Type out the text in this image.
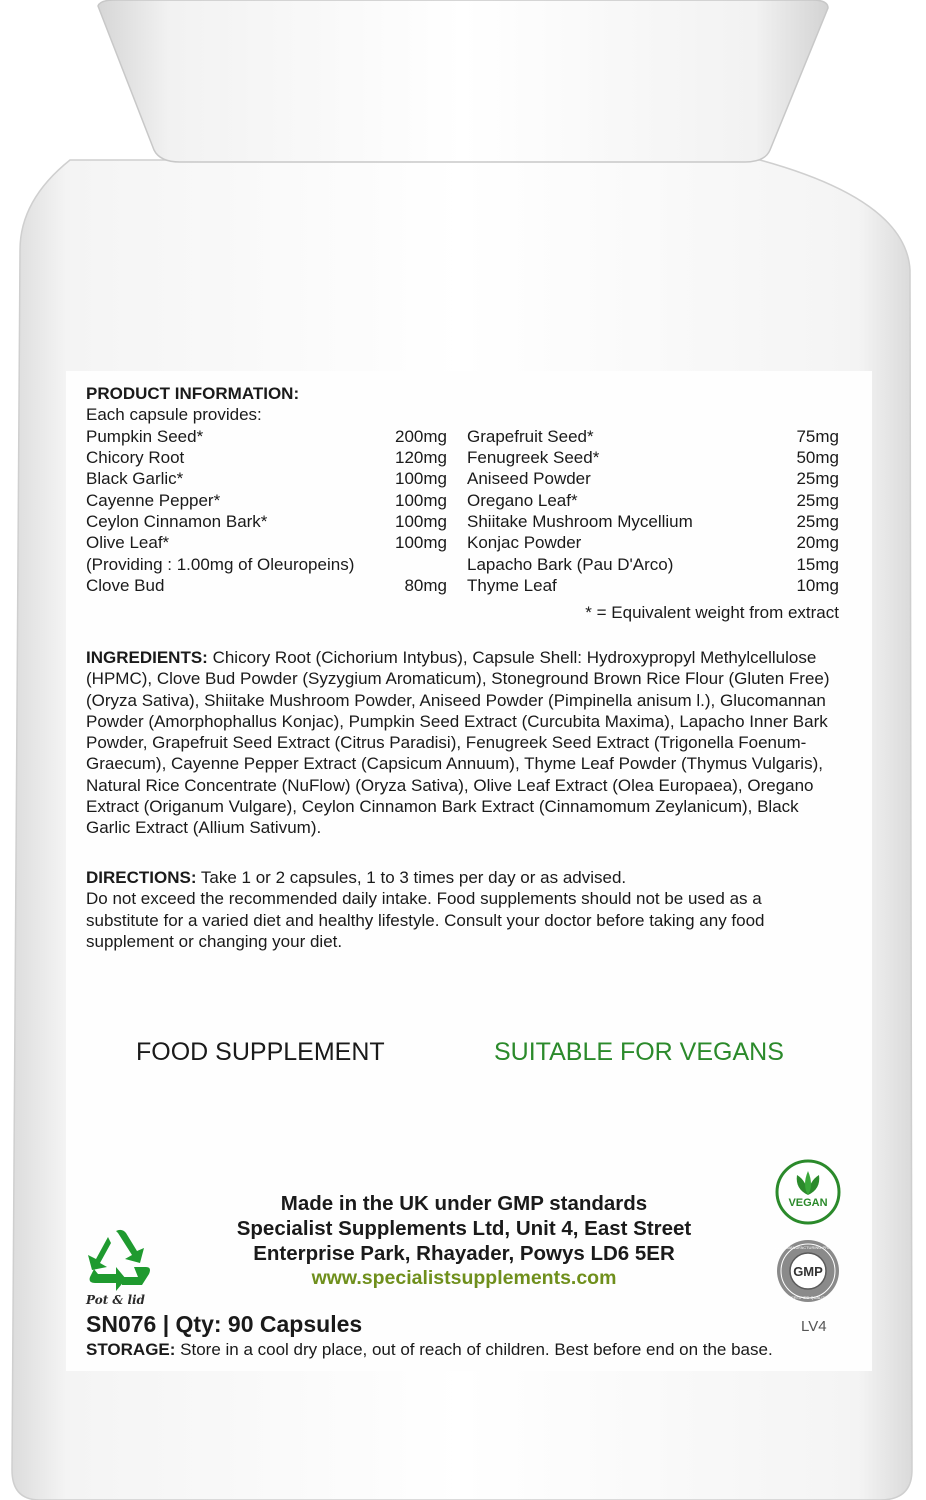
PRODUCT INFORMATION:
Each capsule provides:
Pumpkin Seed*	200mg
Chicory Root	120mg
Black Garlic*	100mg
Cayenne Pepper*	100mg
Ceylon Cinnamon Bark*	100mg
Olive Leaf*	100mg
(Providing : 1.00mg of Oleuropeins)
Clove Bud	80mg
Grapefruit Seed*	75mg
Fenugreek Seed*	50mg
Aniseed Powder	25mg
Oregano Leaf*	25mg
Shiitake Mushroom Mycellium	25mg
Konjac Powder	20mg
Lapacho Bark (Pau D'Arco)	15mg
Thyme Leaf	10mg
* = Equivalent weight from extract
INGREDIENTS: Chicory Root (Cichorium Intybus), Capsule Shell: Hydroxypropyl Methylcellulose (HPMC), Clove Bud Powder (Syzygium Aromaticum), Stoneground Brown Rice Flour (Gluten Free) (Oryza Sativa), Shiitake Mushroom Powder, Aniseed Powder (Pimpinella anisum l.), Glucomannan Powder (Amorphophallus Konjac), Pumpkin Seed Extract (Curcubita Maxima), Lapacho Inner Bark Powder, Grapefruit Seed Extract (Citrus Paradisi), Fenugreek Seed Extract (Trigonella Foenum-Graecum), Cayenne Pepper Extract (Capsicum Annuum), Thyme Leaf Powder (Thymus Vulgaris), Natural Rice Concentrate (NuFlow) (Oryza Sativa), Olive Leaf Extract (Olea Europaea), Oregano Extract (Origanum Vulgare), Ceylon Cinnamon Bark Extract (Cinnamomum Zeylanicum), Black Garlic Extract (Allium Sativum).
DIRECTIONS: Take 1 or 2 capsules, 1 to 3 times per day or as advised.
Do not exceed the recommended daily intake. Food supplements should not be used as a substitute for a varied diet and healthy lifestyle. Consult your doctor before taking any food supplement or changing your diet.
FOOD SUPPLEMENT	SUITABLE FOR VEGANS
Made in the UK under GMP standards
Specialist Supplements Ltd, Unit 4, East Street
Enterprise Park, Rhayader, Powys LD6 5ER
www.specialistsupplements.com
Pot & lid
VEGAN
GMP
GOOD MANUFACTURING PRACTICE
CERTIFIED QUALITY
SN076 | Qty: 90 Capsules	LV4
STORAGE: Store in a cool dry place, out of reach of children. Best before end on the base.
